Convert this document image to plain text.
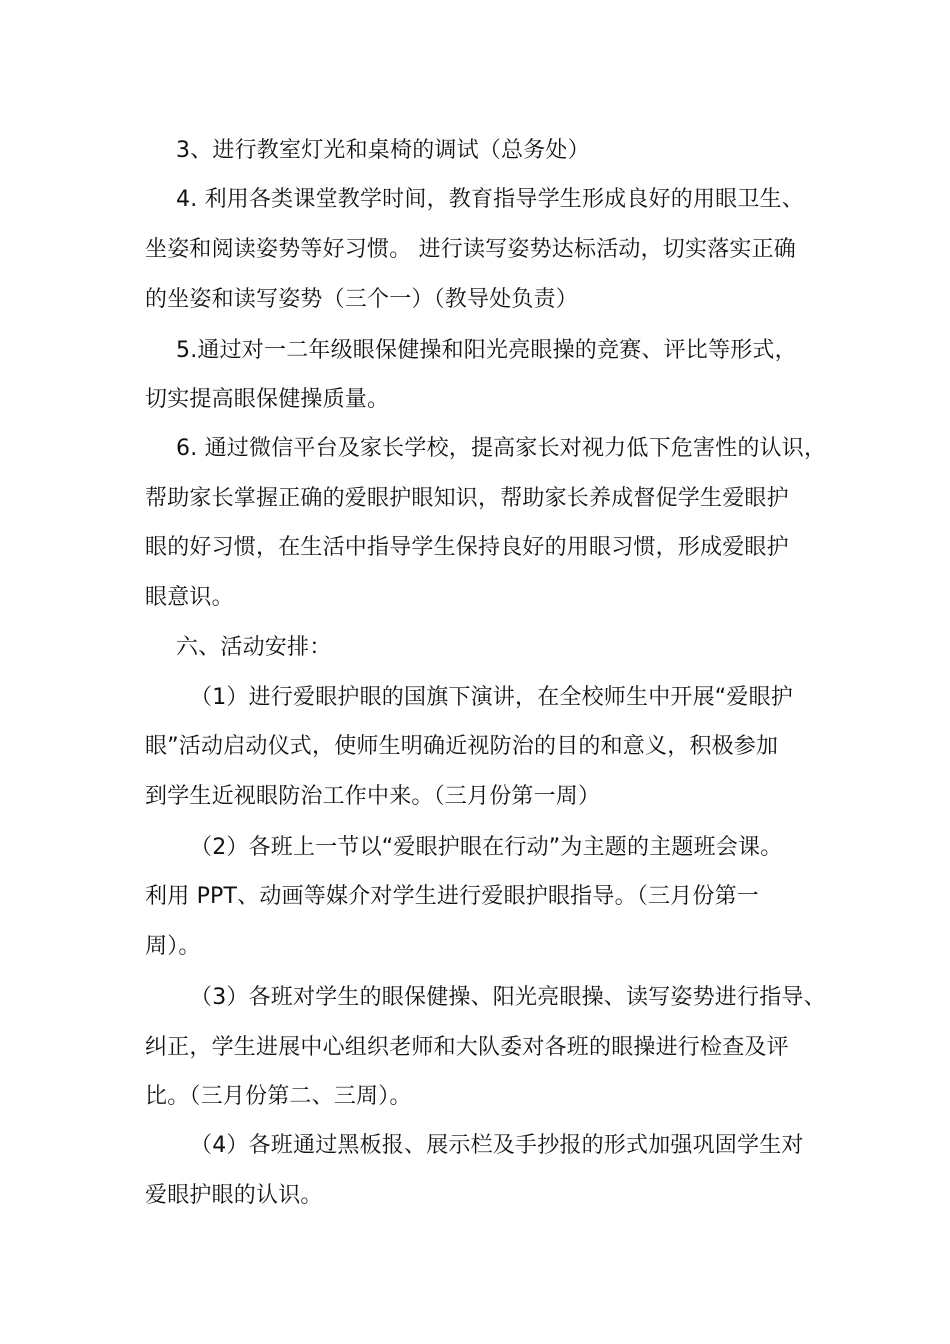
3、进行教室灯光和桌椅的调试（总务处）
4. 利用各类课堂教学时间，教育指导学生形成良好的用眼卫生、
坐姿和阅读姿势等好习惯。 进行读写姿势达标活动，切实落实正确
的坐姿和读写姿势（三个一）（教导处负责）
5.通过对一二年级眼保健操和阳光亮眼操的竞赛、评比等形式，
切实提高眼保健操质量。
6. 通过微信平台及家长学校，提高家长对视力低下危害性的认识，
帮助家长掌握正确的爱眼护眼知识，帮助家长养成督促学生爱眼护
眼的好习惯，在生活中指导学生保持良好的用眼习惯，形成爱眼护
眼意识。
六、活动安排：
（1）进行爱眼护眼的国旗下演讲，在全校师生中开展“爱眼护
眼”活动启动仪式，使师生明确近视防治的目的和意义，积极参加
到学生近视眼防治工作中来。（三月份第一周）
（2）各班上一节以“爱眼护眼在行动”为主题的主题班会课。
利用 PPT、动画等媒介对学生进行爱眼护眼指导。（三月份第一
周）。
（3）各班对学生的眼保健操、阳光亮眼操、读写姿势进行指导、
纠正，学生进展中心组织老师和大队委对各班的眼操进行检查及评
比。（三月份第二、三周）。
（4）各班通过黑板报、展示栏及手抄报的形式加强巩固学生对
爱眼护眼的认识。
